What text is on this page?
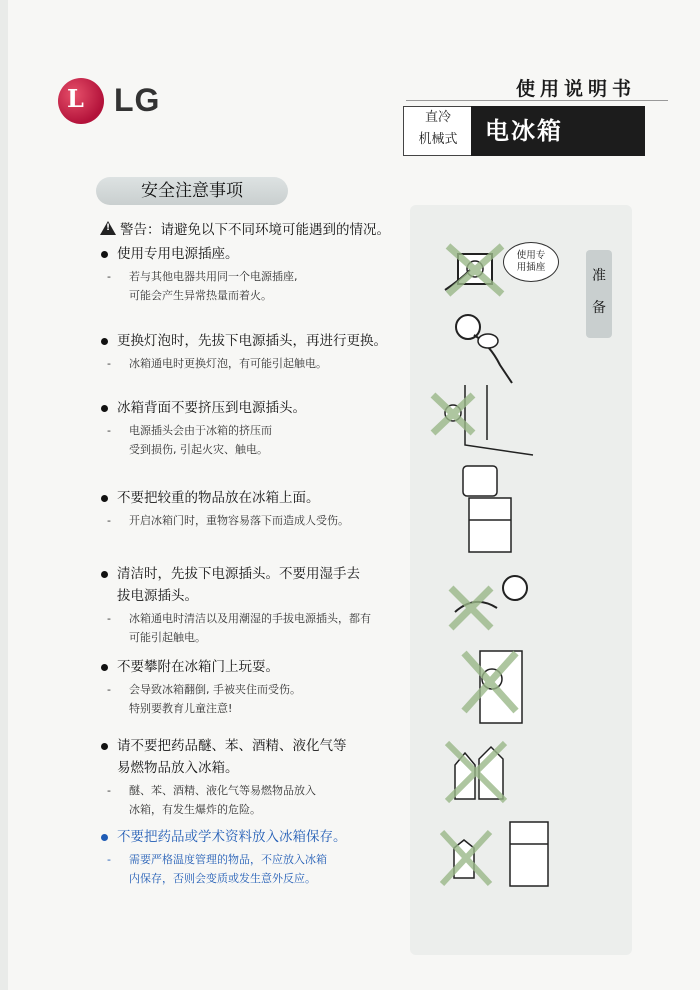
L LG	使用说明书
直冷
机械式	电冰箱
安全注意事项
!警告：请避免以下不同环境可能遇到的情况。
准
备
使用专用电源插座。
-	若与其他电器共用同一个电源插座,
可能会产生异常热量而着火。
更换灯泡时，先拔下电源插头，再进行更换。
-	冰箱通电时更换灯泡，有可能引起触电。
冰箱背面不要挤压到电源插头。
-	电源插头会由于冰箱的挤压而
受到损伤, 引起火灾、触电。
不要把较重的物品放在冰箱上面。
-	开启冰箱门时，重物容易落下而造成人受伤。
清洁时，先拔下电源插头。不要用湿手去
拔电源插头。
-	冰箱通电时清洁以及用潮湿的手拔电源插头，都有
可能引起触电。
不要攀附在冰箱门上玩耍。
-	会导致冰箱翻倒, 手被夹住而受伤。
特别要教育儿童注意!
请不要把药品醚、苯、酒精、液化气等
易燃物品放入冰箱。
-	醚、苯、酒精、液化气等易燃物品放入
冰箱，有发生爆炸的危险。
不要把药品或学术资料放入冰箱保存。
-	需要严格温度管理的物品，不应放入冰箱
内保存，否则会变质或发生意外反应。
使用专
用插座
